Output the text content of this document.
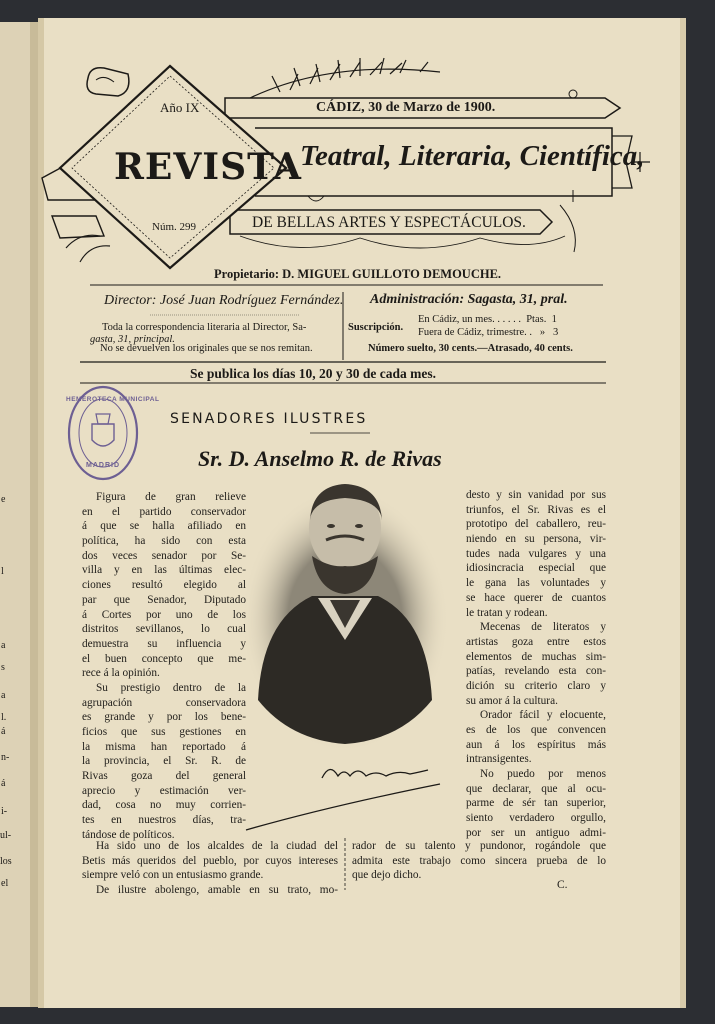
Año IX
Núm. 299
CÁDIZ, 30 de Marzo de 1900.
REVISTA
Teatral, Literaria, Científica,
DE BELLAS ARTES Y ESPECTÁCULOS.
Propietario: D. MIGUEL GUILLOTO DEMOUCHE.
Director: José Juan Rodríguez Fernández.
Toda la correspondencia literaria al Director, Sa-
gasta, 31, principal.
No se devuelven los originales que se nos remitan.
Administración: Sagasta, 31, pral.
Suscripción.
En Cádiz, un mes. . . . . .  Ptas.  1
Fuera de Cádiz, trimestre. .   »   3
Número suelto, 30 cents.—Atrasado, 40 cents.
Se publica los días 10, 20 y 30 de cada mes.
HEMEROTECA MUNICIPAL
MADRID
SENADORES ILUSTRES
Sr. D. Anselmo R. de Rivas
Figura de gran relieve
en el partido conservador
á que se halla afiliado en
política, ha sido con esta
dos veces senador por Se-
villa y en las últimas elec-
ciones resultó elegido al
par que Senador, Diputado
á Cortes por uno de los
distritos sevillanos, lo cual
demuestra su influencia y
el buen concepto que me-
rece á la opinión.
Su prestigio dentro de la
agrupación conservadora
es grande y por los bene-
ficios que sus gestiones en
la misma han reportado á
la provincia, el Sr. R. de
Rivas goza del general
aprecio y estimación ver-
dad, cosa no muy corrien-
tes en nuestros días, tra-
tándose de políticos.
Ha sido uno de los alcaldes de la ciudad del
Betis más queridos del pueblo, por cuyos intereses
siempre veló con un entusiasmo grande.
De ilustre abolengo, amable en su trato, mo-
desto y sin vanidad por sus
triunfos, el Sr. Rivas es el
prototipo del caballero, reu-
niendo en su persona, vir-
tudes nada vulgares y una
idiosincracia especial que
le gana las voluntades y
se hace querer de cuantos
le tratan y rodean.
Mecenas de literatos y
artistas goza entre estos
elementos de muchas sim-
patías, revelando esta con-
dición su criterio claro y
su amor á la cultura.
Orador fácil y elocuente,
es de los que convencen
aun á los espíritus más
intransigentes.
No puedo por menos
que declarar, que al ocu-
parme de sér tan superior,
siento verdadero orgullo,
por ser un antiguo admi-
rador de su talento y pundonor, rogándole que
admita este trabajo como sincera prueba de lo
que dejo dicho.
C.
e
l
a
s
a
l.
á
n-
á
i-
ul-
los
el
